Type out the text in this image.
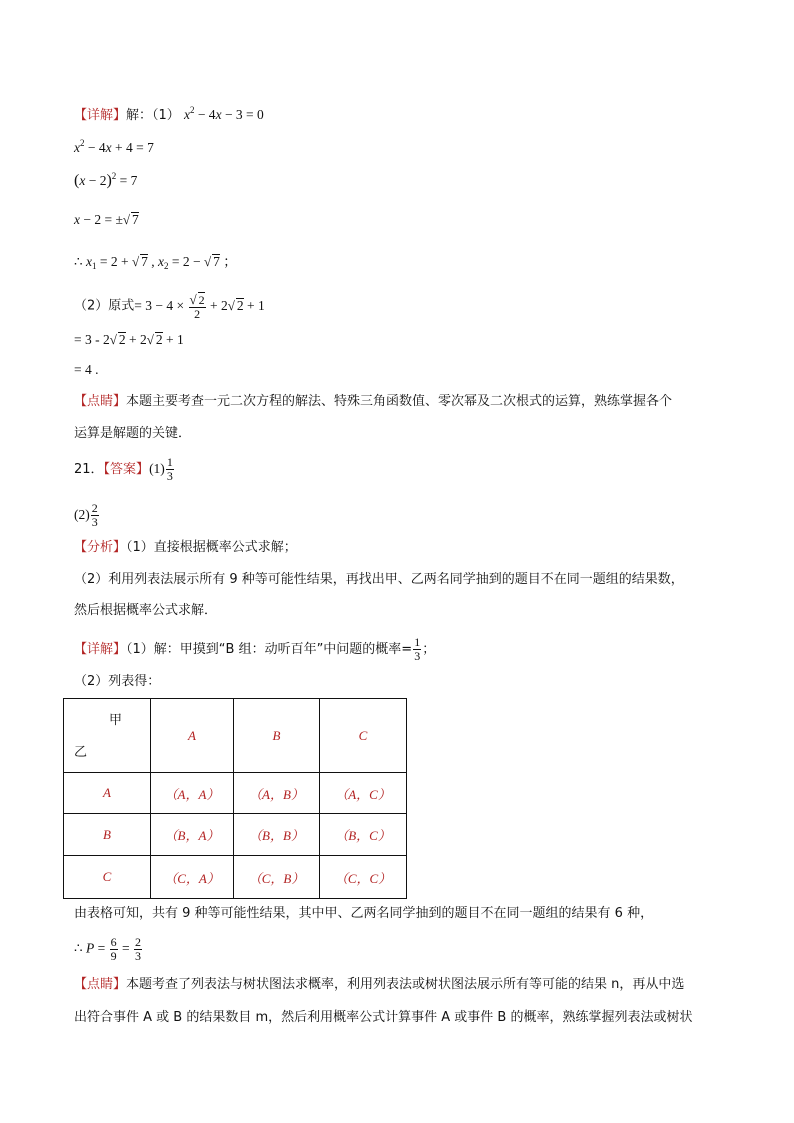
【详解】解：（1） $x^2 - 4x - 3 = 0$
$x^2 - 4x + 4 = 7$
$(x - 2)^2 = 7$
x − 2 = ±√ 7
∴ $x_1 = 2$ + √ 7 , $x_2 = 2$ − √ 7 ；
（2）原式= $3 - 4 \times \frac{√ 2}{2} + 2√$ 2 + 1
= 3 - 2√ 2 + 2√ 2 + 1
= 4 .
【点睛】本题主要考查一元二次方程的解法、特殊三角函数值、零次幂及二次根式的运算，熟练掌握各个
运算是解题的关键．
21．【答案】$(1) \frac{1}{3}$
$(2) \frac{2}{3}$
【分析】（1）直接根据概率公式求解；
（2）利用列表法展示所有 9 种等可能性结果，再找出甲、乙两名同学抽到的题目不在同一题组的结果数，
然后根据概率公式求解．
【详解】（1）解：甲摸到“B 组：动听百年”中问题的概率= $\frac{1}{3}$ ；
（2）列表得：
甲
乙	A	B	C
A	（A，A）	（A，B）	（A，C）
B	（B，A）	（B，B）	（B，C）
C	（C，A）	（C，B）	（C，C）
由表格可知，共有 9 种等可能性结果，其中甲、乙两名同学抽到的题目不在同一题组的结果有 6 种，
∴ $P = \frac{6}{9} = \frac{2}{3}$
【点睛】本题考查了列表法与树状图法求概率，利用列表法或树状图法展示所有等可能的结果 n，再从中选
出符合事件 A 或 B 的结果数目 m，然后利用概率公式计算事件 A 或事件 B 的概率，熟练掌握列表法或树状
